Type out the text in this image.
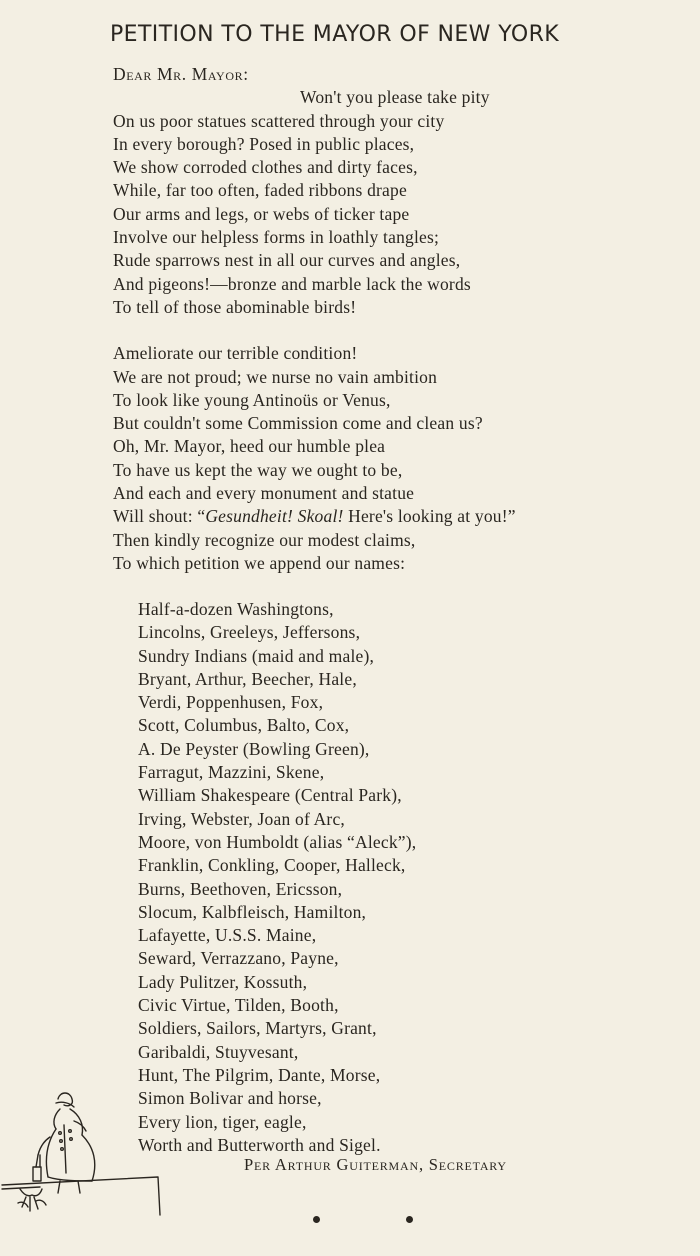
PETITION TO THE MAYOR OF NEW YORK
Dear Mr. Mayor:
Won't you please take pity
On us poor statues scattered through your city
In every borough? Posed in public places,
We show corroded clothes and dirty faces,
While, far too often, faded ribbons drape
Our arms and legs, or webs of ticker tape
Involve our helpless forms in loathly tangles;
Rude sparrows nest in all our curves and angles,
And pigeons!—bronze and marble lack the words
To tell of those abominable birds!
Ameliorate our terrible condition!
We are not proud; we nurse no vain ambition
To look like young Antinoüs or Venus,
But couldn't some Commission come and clean us?
Oh, Mr. Mayor, heed our humble plea
To have us kept the way we ought to be,
And each and every monument and statue
Will shout: “Gesundheit! Skoal! Here's looking at you!”
Then kindly recognize our modest claims,
To which petition we append our names:
Half-a-dozen Washingtons,
Lincolns, Greeleys, Jeffersons,
Sundry Indians (maid and male),
Bryant, Arthur, Beecher, Hale,
Verdi, Poppenhusen, Fox,
Scott, Columbus, Balto, Cox,
A. De Peyster (Bowling Green),
Farragut, Mazzini, Skene,
William Shakespeare (Central Park),
Irving, Webster, Joan of Arc,
Moore, von Humboldt (alias “Aleck”),
Franklin, Conkling, Cooper, Halleck,
Burns, Beethoven, Ericsson,
Slocum, Kalbfleisch, Hamilton,
Lafayette, U.S.S. Maine,
Seward, Verrazzano, Payne,
Lady Pulitzer, Kossuth,
Civic Virtue, Tilden, Booth,
Soldiers, Sailors, Martyrs, Grant,
Garibaldi, Stuyvesant,
Hunt, The Pilgrim, Dante, Morse,
Simon Bolivar and horse,
Every lion, tiger, eagle,
Worth and Butterworth and Sigel.
Per Arthur Guiterman, Secretary
